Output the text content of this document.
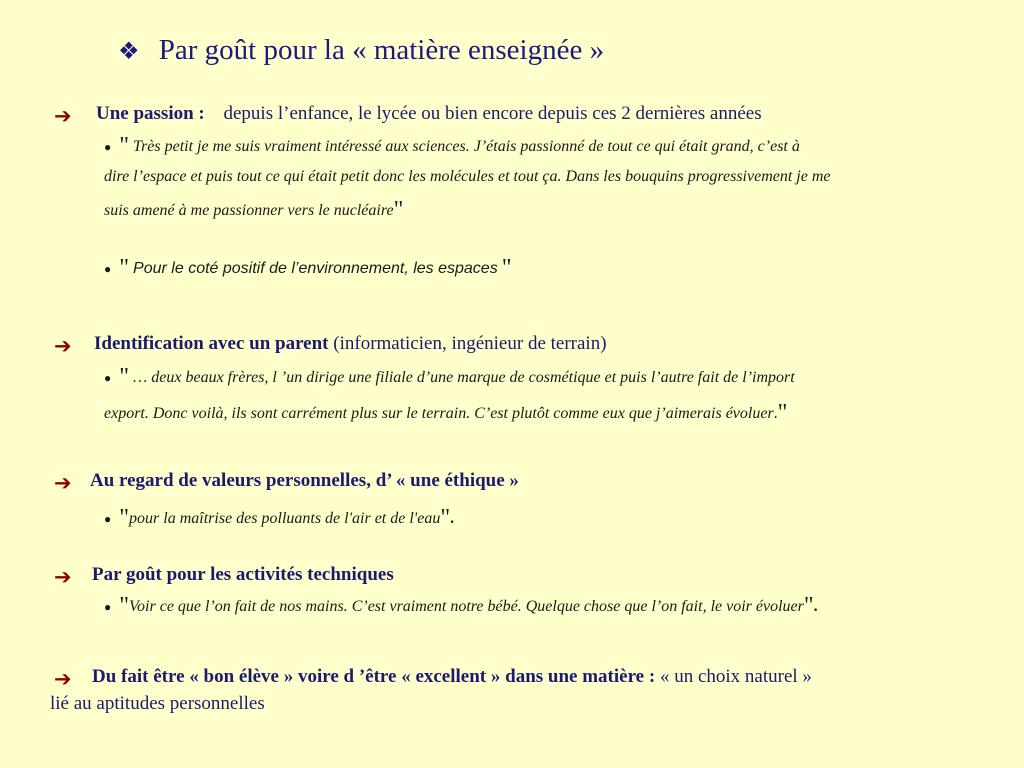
❖ Par goût pour la « matière enseignée »
➔ Une passion : depuis l’enfance, le lycée ou bien encore depuis ces 2 dernières années
● " Très petit je me suis vraiment intéressé aux sciences. J’étais passionné de tout ce qui était grand, c’est à
dire l’espace et puis tout ce qui était petit donc les molécules et tout ça. Dans les bouquins progressivement je me
suis amené à me passionner vers le nucléaire"
● " Pour le coté positif de l’environnement, les espaces "
➔ Identification avec un parent (informaticien, ingénieur de terrain)
● " … deux beaux frères, l ’un dirige une filiale d’une marque de cosmétique et puis l’autre fait de l’import
export. Donc voilà, ils sont carrément plus sur le terrain. C’est plutôt comme eux que j’aimerais évoluer."
➔ Au regard de valeurs personnelles, d’ « une éthique »
● "pour la maîtrise des polluants de l'air et de l'eau".
➔ Par goût pour les activités techniques
● "Voir ce que l’on fait de nos mains. C’est vraiment notre bébé. Quelque chose que l’on fait, le voir évoluer".
➔ Du fait être « bon élève » voire d ’être « excellent » dans une matière : « un choix naturel »
lié au aptitudes personnelles
